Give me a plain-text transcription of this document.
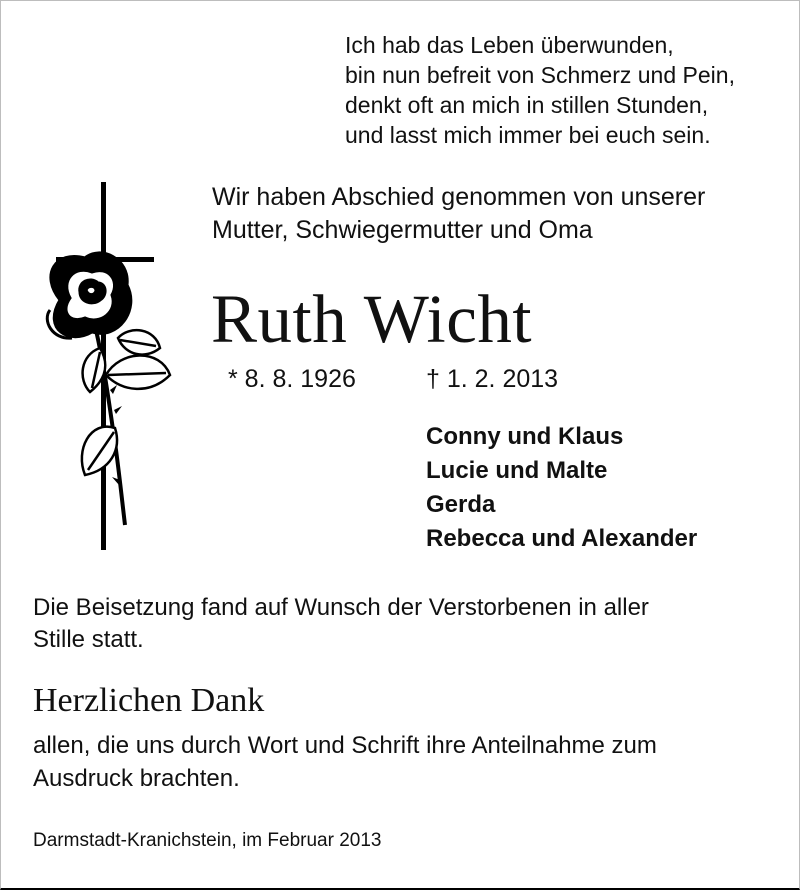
Ich hab das Leben überwunden,
bin nun befreit von Schmerz und Pein,
denkt oft an mich in stillen Stunden,
und lasst mich immer bei euch sein.
Wir haben Abschied genommen von unserer
Mutter, Schwiegermutter und Oma
Ruth Wicht
* 8. 8. 1926	† 1. 2. 2013
Conny und Klaus
Lucie und Malte
Gerda
Rebecca und Alexander
Die Beisetzung fand auf Wunsch der Verstorbenen in aller
Stille statt.
Herzlichen Dank
allen, die uns durch Wort und Schrift ihre Anteilnahme zum
Ausdruck brachten.
Darmstadt-Kranichstein, im Februar 2013
